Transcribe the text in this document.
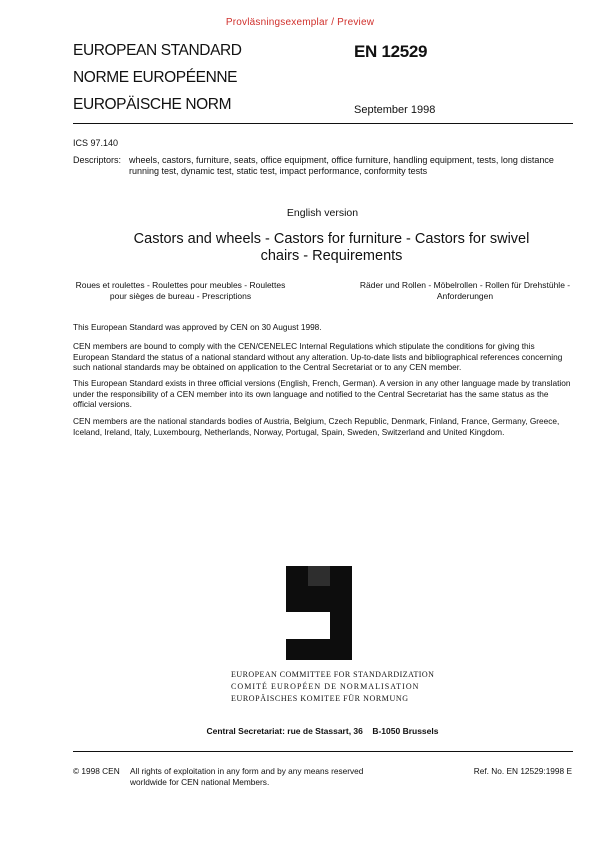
Provläsningsexemplar / Preview
EUROPEAN STANDARD
NORME EUROPÉENNE
EUROPÄISCHE NORM
EN 12529
September 1998
ICS 97.140
Descriptors: wheels, castors, furniture, seats, office equipment, office furniture, handling equipment, tests, long distance running test, dynamic test, static test, impact performance, conformity tests
English version
Castors and wheels - Castors for furniture - Castors for swivel chairs - Requirements
Roues et roulettes - Roulettes pour meubles - Roulettes pour sièges de bureau - Prescriptions
Räder und Rollen - Möbelrollen - Rollen für Drehstühle - Anforderungen
This European Standard was approved by CEN on 30 August 1998.
CEN members are bound to comply with the CEN/CENELEC Internal Regulations which stipulate the conditions for giving this European Standard the status of a national standard without any alteration. Up-to-date lists and bibliographical references concerning such national standards may be obtained on application to the Central Secretariat or to any CEN member.
This European Standard exists in three official versions (English, French, German). A version in any other language made by translation under the responsibility of a CEN member into its own language and notified to the Central Secretariat has the same status as the official versions.
CEN members are the national standards bodies of Austria, Belgium, Czech Republic, Denmark, Finland, France, Germany, Greece, Iceland, Ireland, Italy, Luxembourg, Netherlands, Norway, Portugal, Spain, Sweden, Switzerland and United Kingdom.
EUROPEAN COMMITTEE FOR STANDARDIZATION
COMITÉ EUROPÉEN DE NORMALISATION
EUROPÄISCHES KOMITEE FÜR NORMUNG
Central Secretariat: rue de Stassart, 36    B-1050 Brussels
© 1998 CEN All rights of exploitation in any form and by any means reserved worldwide for CEN national Members.
Ref. No. EN 12529:1998 E
